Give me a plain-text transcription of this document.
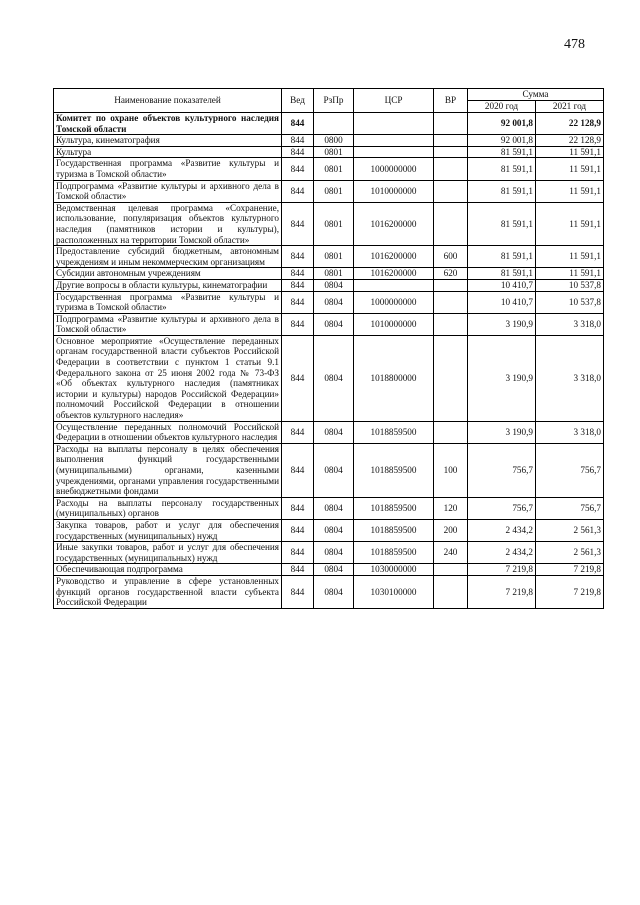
478
Наименование показателей	Вед	РзПр	ЦСР	ВР	Сумма	
					2020 год	2021 год
Комитет по охране объектов культурного наследия Томской области	844				92 001,8	22 128,9
Культура, кинематография	844	0800			92 001,8	22 128,9
Культура	844	0801			81 591,1	11 591,1
Государственная программа «Развитие культуры и туризма в Томской области»	844	0801	1000000000		81 591,1	11 591,1
Подпрограмма «Развитие культуры и архивного дела в Томской области»	844	0801	1010000000		81 591,1	11 591,1
Ведомственная целевая программа «Сохранение, использование, популяризация объектов культурного наследия (памятников истории и культуры), расположенных на территории Томской области»	844	0801	1016200000		81 591,1	11 591,1
Предоставление субсидий бюджетным, автономным учреждениям и иным некоммерческим организациям	844	0801	1016200000	600	81 591,1	11 591,1
Субсидии автономным учреждениям	844	0801	1016200000	620	81 591,1	11 591,1
Другие вопросы в области культуры, кинематографии	844	0804			10 410,7	10 537,8
Государственная программа «Развитие культуры и туризма в Томской области»	844	0804	1000000000		10 410,7	10 537,8
Подпрограмма «Развитие культуры и архивного дела в Томской области»	844	0804	1010000000		3 190,9	3 318,0
Основное мероприятие «Осуществление переданных органам государственной власти субъектов Российской Федерации в соответствии с пунктом 1 статьи 9.1 Федерального закона от 25 июня 2002 года № 73-ФЗ «Об объектах культурного наследия (памятниках истории и культуры) народов Российской Федерации» полномочий Российской Федерации в отношении объектов культурного наследия»	844	0804	1018800000		3 190,9	3 318,0
Осуществление переданных полномочий Российской Федерации в отношении объектов культурного наследия	844	0804	1018859500		3 190,9	3 318,0
Расходы на выплаты персоналу в целях обеспечения выполнения функций государственными (муниципальными) органами, казенными учреждениями, органами управления государственными внебюджетными фондами	844	0804	1018859500	100	756,7	756,7
Расходы на выплаты персоналу государственных (муниципальных) органов	844	0804	1018859500	120	756,7	756,7
Закупка товаров, работ и услуг для обеспечения государственных (муниципальных) нужд	844	0804	1018859500	200	2 434,2	2 561,3
Иные закупки товаров, работ и услуг для обеспечения государственных (муниципальных) нужд	844	0804	1018859500	240	2 434,2	2 561,3
Обеспечивающая подпрограмма	844	0804	1030000000		7 219,8	7 219,8
Руководство и управление в сфере установленных функций органов государственной власти субъекта Российской Федерации	844	0804	1030100000		7 219,8	7 219,8
